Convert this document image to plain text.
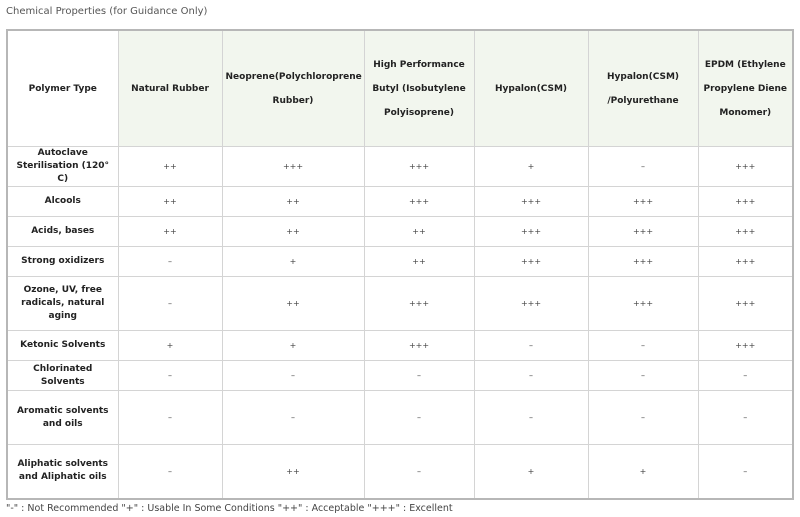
Chemical Properties (for Guidance Only)
Polymer Type	Natural Rubber	Neoprene(Polychloroprene Rubber)	High Performance Butyl (Isobutylene Polyisoprene)	Hypalon(CSM)	Hypalon(CSM) /Polyurethane	EPDM (Ethylene Propylene Diene Monomer)
Autoclave Sterilisation (120° C)	++	+++	+++	+	–	+++
Alcools	++	++	+++	+++	+++	+++
Acids, bases	++	++	++	+++	+++	+++
Strong oxidizers	–	+	++	+++	+++	+++
Ozone, UV, free radicals, natural aging	–	++	+++	+++	+++	+++
Ketonic Solvents	+	+	+++	–	–	+++
Chlorinated Solvents	–	–	–	–	–	–
Aromatic solvents and oils	–	–	–	–	–	–
Aliphatic solvents and Aliphatic oils	–	++	–	+	+	–
"-" : Not Recommended "+" : Usable In Some Conditions "++" : Acceptable "+++" : Excellent
